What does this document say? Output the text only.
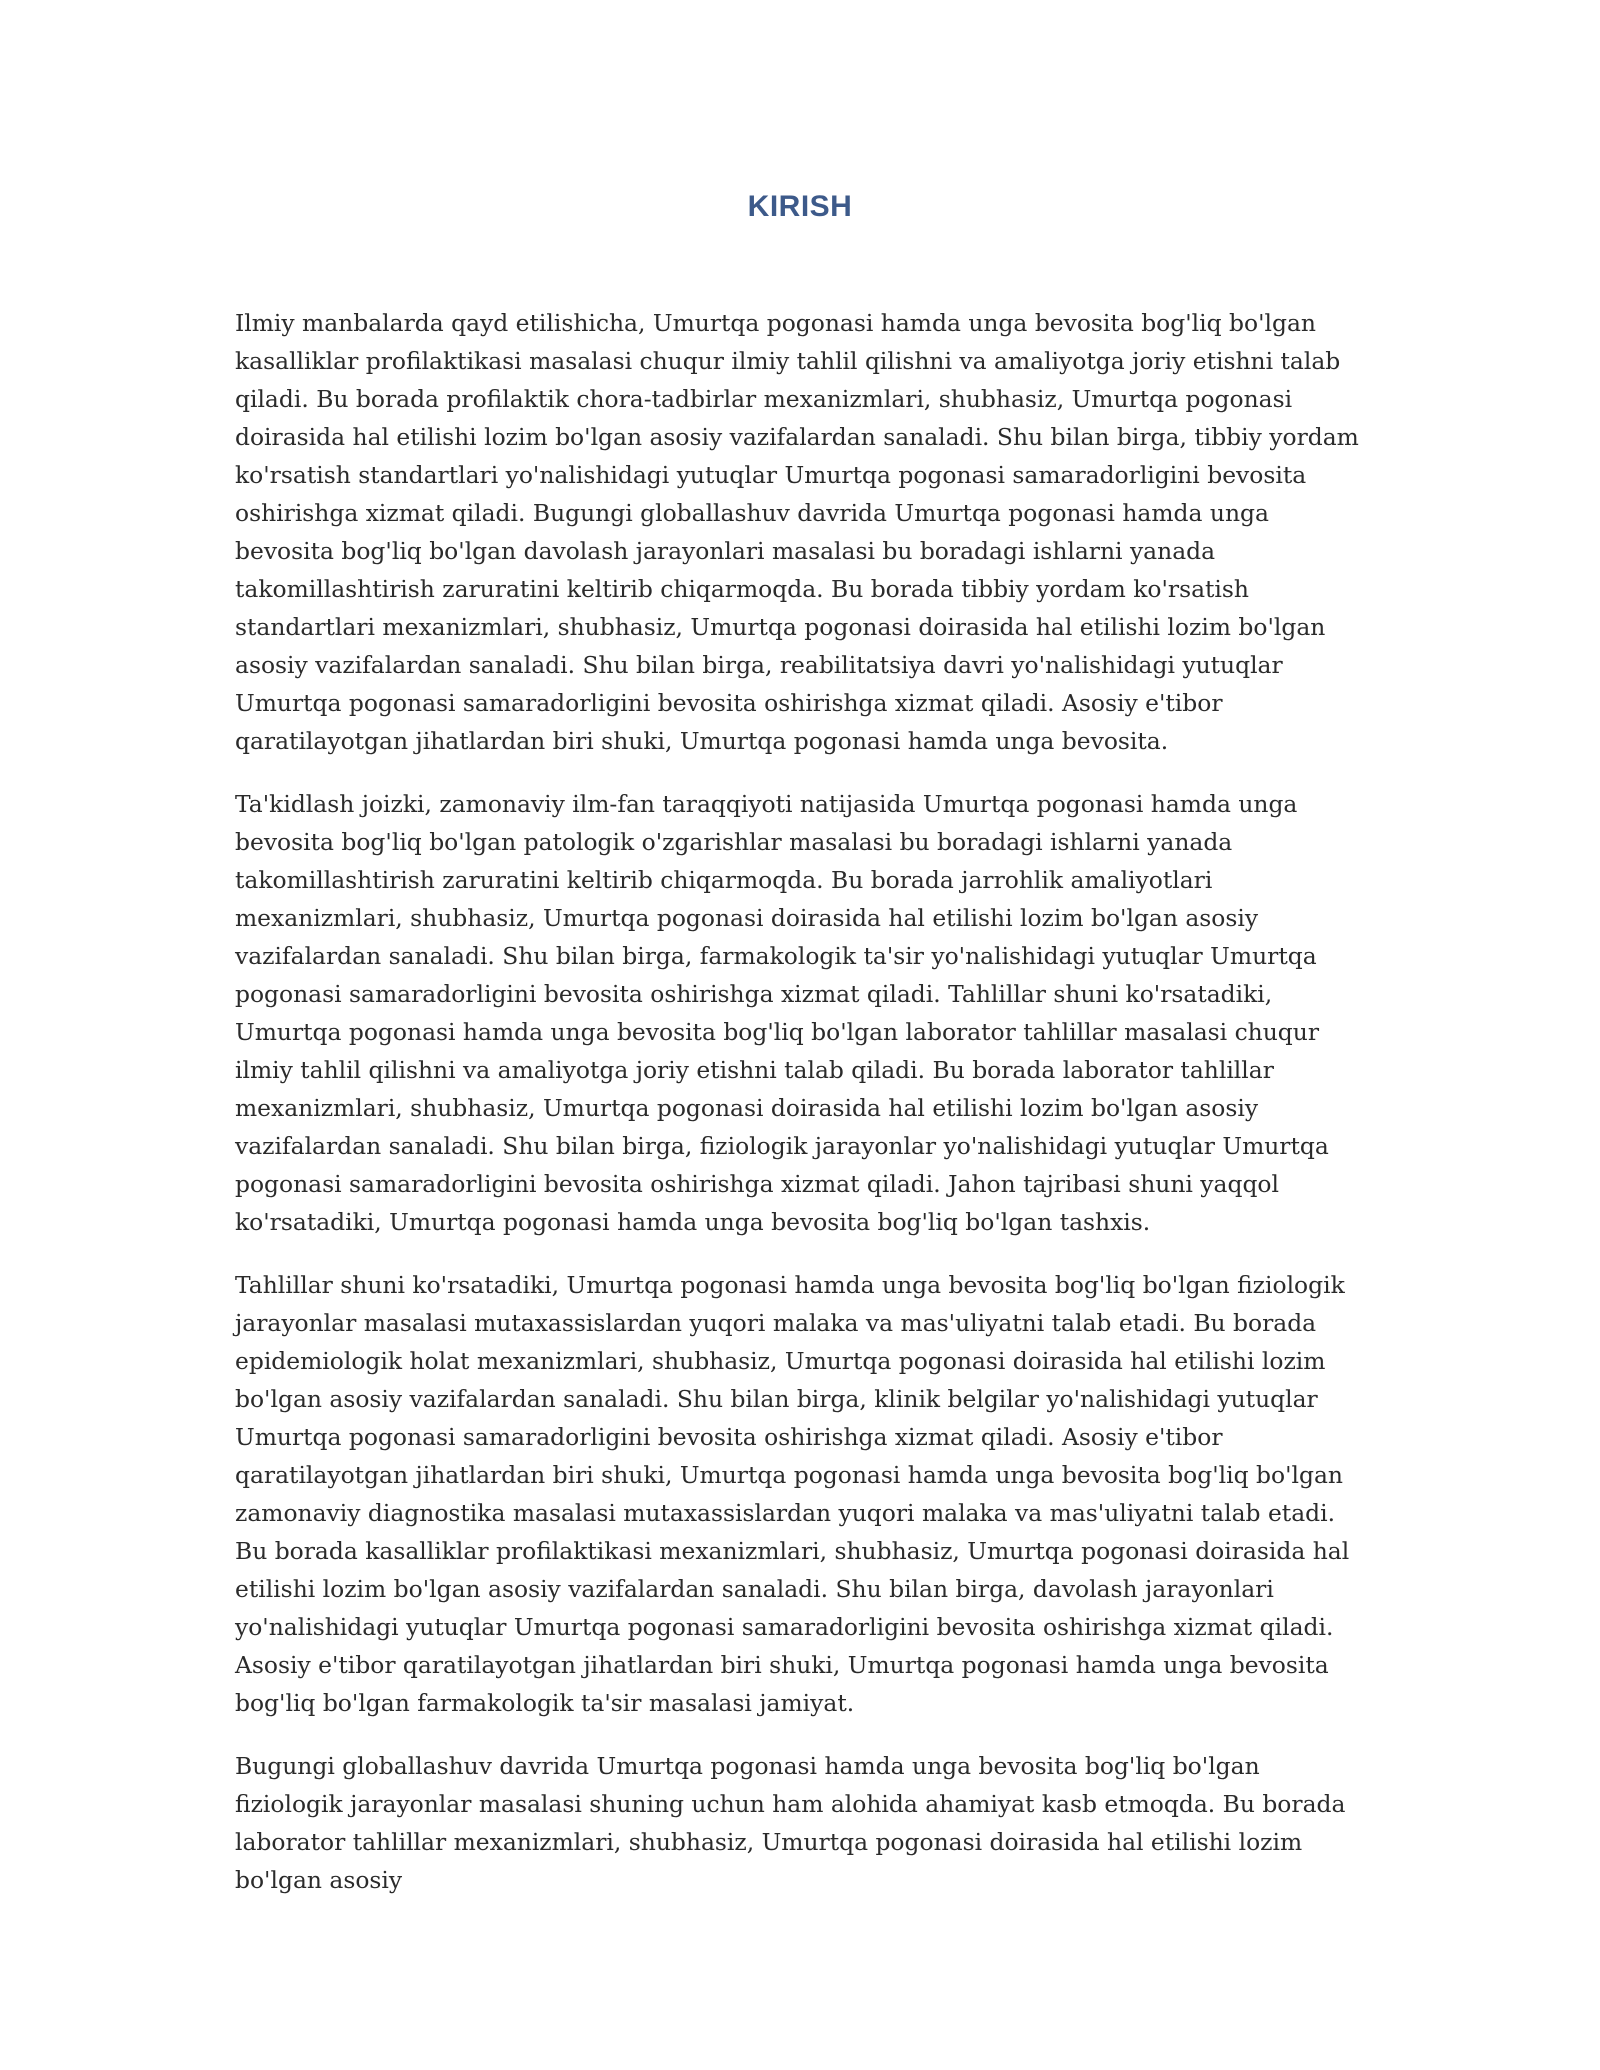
KIRISH

Ilmiy manbalarda qayd etilishicha, Umurtqa pogonasi hamda unga bevosita bog'liq bo'lgan kasalliklar profilaktikasi masalasi chuqur ilmiy tahlil qilishni va amaliyotga joriy etishni talab qiladi. Bu borada profilaktik chora-tadbirlar mexanizmlari, shubhasiz, Umurtqa pogonasi doirasida hal etilishi lozim bo'lgan asosiy vazifalardan sanaladi. Shu bilan birga, tibbiy yordam ko'rsatish standartlari yo'nalishidagi yutuqlar Umurtqa pogonasi samaradorligini bevosita oshirishga xizmat qiladi. Bugungi globallashuv davrida Umurtqa pogonasi hamda unga bevosita bog'liq bo'lgan davolash jarayonlari masalasi bu boradagi ishlarni yanada takomillashtirish zaruratini keltirib chiqarmoqda. Bu borada tibbiy yordam ko'rsatish standartlari mexanizmlari, shubhasiz, Umurtqa pogonasi doirasida hal etilishi lozim bo'lgan asosiy vazifalardan sanaladi. Shu bilan birga, reabilitatsiya davri yo'nalishidagi yutuqlar Umurtqa pogonasi samaradorligini bevosita oshirishga xizmat qiladi. Asosiy e'tibor qaratilayotgan jihatlardan biri shuki, Umurtqa pogonasi hamda unga bevosita.

Ta'kidlash joizki, zamonaviy ilm-fan taraqqiyoti natijasida Umurtqa pogonasi hamda unga bevosita bog'liq bo'lgan patologik o'zgarishlar masalasi bu boradagi ishlarni yanada takomillashtirish zaruratini keltirib chiqarmoqda. Bu borada jarrohlik amaliyotlari mexanizmlari, shubhasiz, Umurtqa pogonasi doirasida hal etilishi lozim bo'lgan asosiy vazifalardan sanaladi. Shu bilan birga, farmakologik ta'sir yo'nalishidagi yutuqlar Umurtqa pogonasi samaradorligini bevosita oshirishga xizmat qiladi. Tahlillar shuni ko'rsatadiki, Umurtqa pogonasi hamda unga bevosita bog'liq bo'lgan laborator tahlillar masalasi chuqur ilmiy tahlil qilishni va amaliyotga joriy etishni talab qiladi. Bu borada laborator tahlillar mexanizmlari, shubhasiz, Umurtqa pogonasi doirasida hal etilishi lozim bo'lgan asosiy vazifalardan sanaladi. Shu bilan birga, fiziologik jarayonlar yo'nalishidagi yutuqlar Umurtqa pogonasi samaradorligini bevosita oshirishga xizmat qiladi. Jahon tajribasi shuni yaqqol ko'rsatadiki, Umurtqa pogonasi hamda unga bevosita bog'liq bo'lgan tashxis.

Tahlillar shuni ko'rsatadiki, Umurtqa pogonasi hamda unga bevosita bog'liq bo'lgan fiziologik jarayonlar masalasi mutaxassislardan yuqori malaka va mas'uliyatni talab etadi. Bu borada epidemiologik holat mexanizmlari, shubhasiz, Umurtqa pogonasi doirasida hal etilishi lozim bo'lgan asosiy vazifalardan sanaladi. Shu bilan birga, klinik belgilar yo'nalishidagi yutuqlar Umurtqa pogonasi samaradorligini bevosita oshirishga xizmat qiladi. Asosiy e'tibor qaratilayotgan jihatlardan biri shuki, Umurtqa pogonasi hamda unga bevosita bog'liq bo'lgan zamonaviy diagnostika masalasi mutaxassislardan yuqori malaka va mas'uliyatni talab etadi. Bu borada kasalliklar profilaktikasi mexanizmlari, shubhasiz, Umurtqa pogonasi doirasida hal etilishi lozim bo'lgan asosiy vazifalardan sanaladi. Shu bilan birga, davolash jarayonlari yo'nalishidagi yutuqlar Umurtqa pogonasi samaradorligini bevosita oshirishga xizmat qiladi. Asosiy e'tibor qaratilayotgan jihatlardan biri shuki, Umurtqa pogonasi hamda unga bevosita bog'liq bo'lgan farmakologik ta'sir masalasi jamiyat.

Bugungi globallashuv davrida Umurtqa pogonasi hamda unga bevosita bog'liq bo'lgan fiziologik jarayonlar masalasi shuning uchun ham alohida ahamiyat kasb etmoqda. Bu borada laborator tahlillar mexanizmlari, shubhasiz, Umurtqa pogonasi doirasida hal etilishi lozim bo'lgan asosiy
